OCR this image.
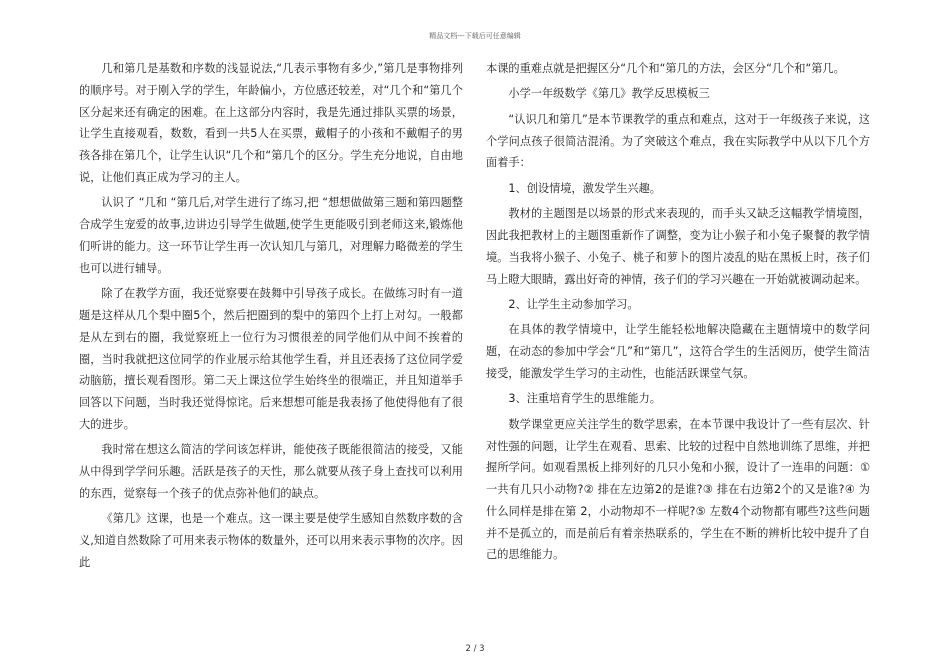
精品文档---下载后可任意编辑

几和第几是基数和序数的浅显说法,“几表示事物有多少,”第几是事物排列的顺序号。对于刚入学的学生，年龄偏小，方位感还较差，对“几个和“第几个区分起来还有确定的困难。在上这部分内容时，我是先通过排队买票的场景，让学生直接观看，数数，看到一共5人在买票，戴帽子的小孩和不戴帽子的男孩各排在第几个，让学生认识“几个和“第几个的区分。学生充分地说，自由地说，让他们真正成为学习的主人。

认识了 “几和 “第几后,对学生进行了练习,把 “想想做做第三题和第四题整合成学生宠爱的故事,边讲边引导学生做题,使学生更能吸引到老师这来,锻炼他们听讲的能力。这一环节让学生再一次认知几与第几，对理解力略微差的学生也可以进行辅导。

除了在教学方面，我还觉察要在鼓舞中引导孩子成长。在做练习时有一道题是这样从几个梨中圈5个，然后把圈到的梨中的第四个上打上对勾。一般都是从左到右的圈，我觉察班上一位行为习惯很差的同学他们从中间不挨着的圈，当时我就把这位同学的作业展示给其他学生看，并且还表扬了这位同学爱动脑筋，擅长观看图形。第二天上课这位学生始终坐的很端正，并且知道举手回答以下问题，当时我还觉得惊诧。后来想想可能是我表扬了他使得他有了很大的进步。

我时常在想这么简洁的学问该怎样讲，能使孩子既能很简洁的接受，又能从中得到学学问乐趣。活跃是孩子的天性，那么就要从孩子身上查找可以利用的东西，觉察每一个孩子的优点弥补他们的缺点。

《第几》这课，也是一个难点。这一课主要是使学生感知自然数序数的含义,知道自然数除了可用来表示物体的数量外，还可以用来表示事物的次序。因此

本课的重难点就是把握区分“几个和“第几的方法，会区分“几个和“第几。

小学一年级数学《第几》教学反思模板三

“认识几和第几”是本节课教学的重点和难点，这对于一年级孩子来说，这个学问点孩子很简洁混淆。为了突破这个难点，我在实际教学中从以下几个方面着手：

1、创设情境，激发学生兴趣。

教材的主题图是以场景的形式来表现的，而手头又缺乏这幅教学情境图，因此我把教材上的主题图重新作了调整，变为让小猴子和小兔子聚餐的教学情境。当我将小猴子、小兔子、桃子和萝卜的图片凌乱的贴在黑板上时，孩子们马上瞪大眼睛，露出好奇的神情，孩子们的学习兴趣在一开始就被调动起来。

2、让学生主动参加学习。

在具体的教学情境中，让学生能轻松地解决隐藏在主题情境中的数学问题，在动态的参加中学会“几”和“第几”，这符合学生的生活阅历，使学生简洁接受，能激发学生学习的主动性，也能活跃课堂气氛。

3、注重培育学生的思维能力。

数学课堂更应关注学生的数学思索，在本节课中我设计了一些有层次、针对性强的问题，让学生在观看、思索、比较的过程中自然地训练了思维，并把握所学问。如观看黑板上排列好的几只小兔和小猴，设计了一连串的问题：①一共有几只小动物?② 排在左边第2的是谁?③ 排在右边第2个的又是谁?④ 为什么同样是排在第 2，小动物却不一样呢?⑤ 左数4个动物都有哪些?这些问题并不是孤立的，而是前后有着亲热联系的，学生在不断的辨析比较中提升了自己的思维能力。

2 / 3
